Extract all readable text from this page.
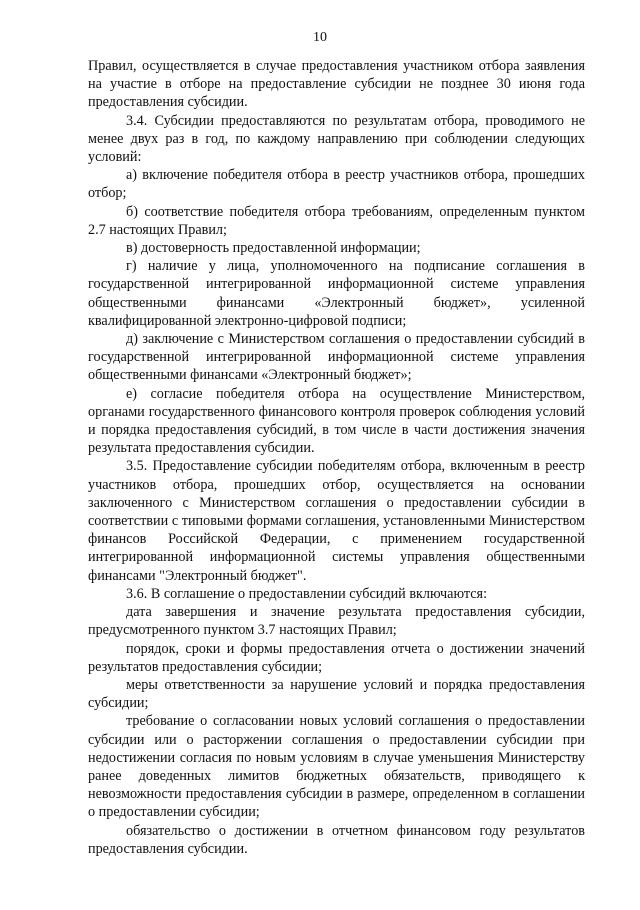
10

Правил, осуществляется в случае предоставления участником отбора заявления на участие в отборе на предоставление субсидии не позднее 30 июня года предоставления субсидии.

3.4. Субсидии предоставляются по результатам отбора, проводимого не менее двух раз в год, по каждому направлению при соблюдении следующих условий:

а) включение победителя отбора в реестр участников отбора, прошедших отбор;

б) соответствие победителя отбора требованиям, определенным пунктом 2.7 настоящих Правил;

в) достоверность предоставленной информации;

г) наличие у лица, уполномоченного на подписание соглашения в государственной интегрированной информационной системе управления общественными финансами «Электронный бюджет», усиленной квалифицированной электронно-цифровой подписи;

д) заключение с Министерством соглашения о предоставлении субсидий в государственной интегрированной информационной системе управления общественными финансами «Электронный бюджет»;

е) согласие победителя отбора на осуществление Министерством, органами государственного финансового контроля проверок соблюдения условий и порядка предоставления субсидий, в том числе в части достижения значения результата предоставления субсидии.

3.5. Предоставление субсидии победителям отбора, включенным в реестр участников отбора, прошедших отбор, осуществляется на основании заключенного с Министерством соглашения о предоставлении субсидии в соответствии с типовыми формами соглашения, установленными Министерством финансов Российской Федерации, с применением государственной интегрированной информационной системы управления общественными финансами "Электронный бюджет".

3.6. В соглашение о предоставлении субсидий включаются:

дата завершения и значение результата предоставления субсидии, предусмотренного пунктом 3.7 настоящих Правил;

порядок, сроки и формы предоставления отчета о достижении значений результатов предоставления субсидии;

меры ответственности за нарушение условий и порядка предоставления субсидии;

требование о согласовании новых условий соглашения о предоставлении субсидии или о расторжении соглашения о предоставлении субсидии при недостижении согласия по новым условиям в случае уменьшения Министерству ранее доведенных лимитов бюджетных обязательств, приводящего к невозможности предоставления субсидии в размере, определенном в соглашении о предоставлении субсидии;

обязательство о достижении в отчетном финансовом году результатов предоставления субсидии.
